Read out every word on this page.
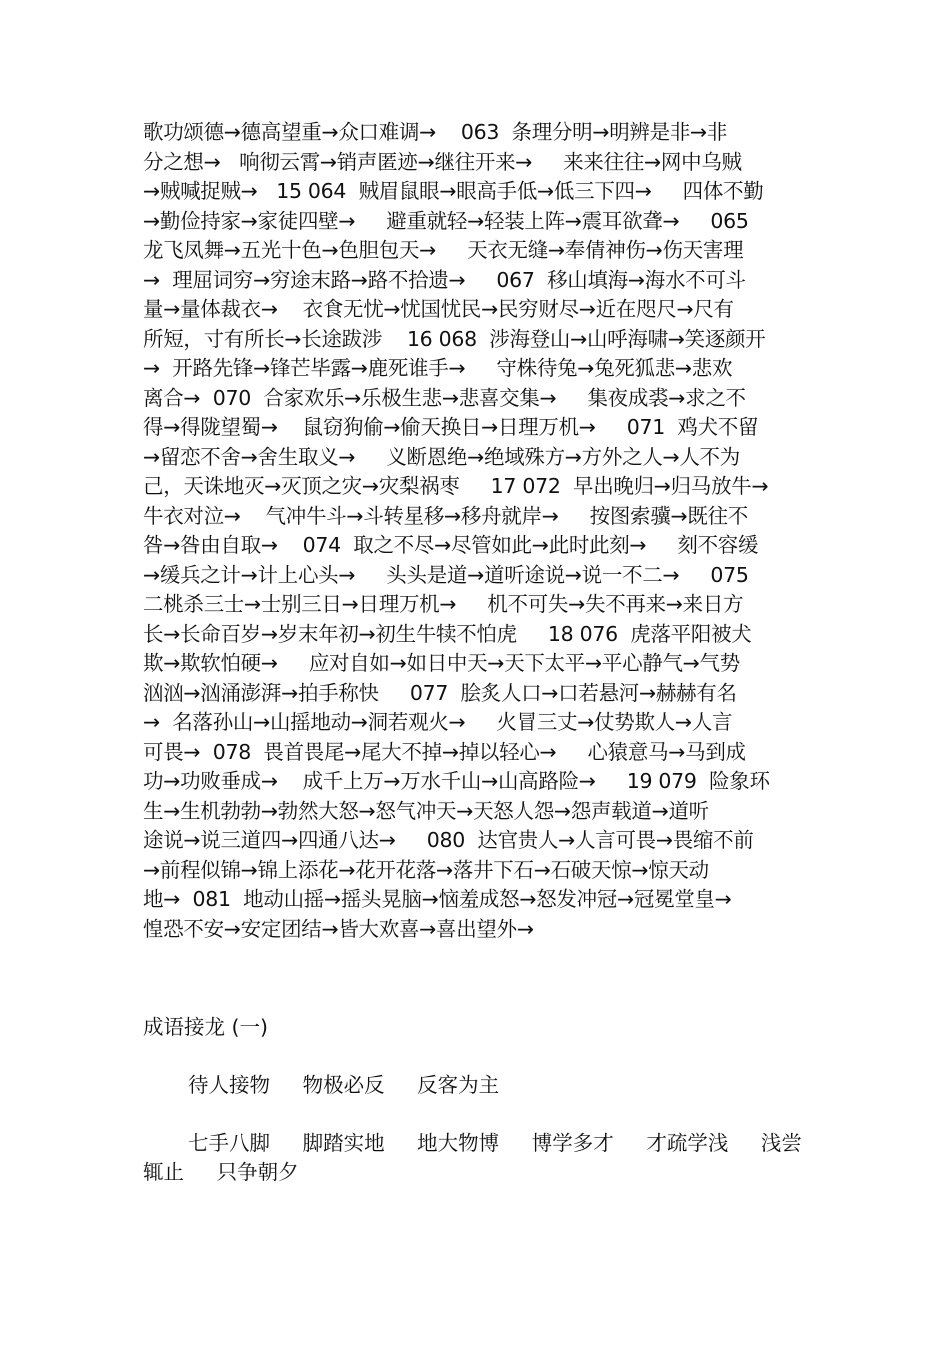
歌功颂德→德高望重→众口难调→    063  条理分明→明辨是非→非
分之想→   响彻云霄→销声匿迹→继往开来→     来来往往→网中乌贼
→贼喊捉贼→   15 064  贼眉鼠眼→眼高手低→低三下四→     四体不勤
→勤俭持家→家徒四壁→     避重就轻→轻装上阵→震耳欲聋→     065
龙飞凤舞→五光十色→色胆包天→     天衣无缝→奉倩神伤→伤天害理
→  理屈词穷→穷途末路→路不拾遗→     067  移山填海→海水不可斗
量→量体裁衣→    衣食无忧→忧国忧民→民穷财尽→近在咫尺→尺有
所短，寸有所长→长途跋涉    16 068  涉海登山→山呼海啸→笑逐颜开
→  开路先锋→锋芒毕露→鹿死谁手→     守株待兔→兔死狐悲→悲欢
离合→  070  合家欢乐→乐极生悲→悲喜交集→     集夜成裘→求之不
得→得陇望蜀→    鼠窃狗偷→偷天换日→日理万机→     071  鸡犬不留
→留恋不舍→舍生取义→     义断恩绝→绝域殊方→方外之人→人不为
己，天诛地灭→灭顶之灾→灾梨祸枣     17 072  早出晚归→归马放牛→
牛衣对泣→    气冲牛斗→斗转星移→移舟就岸→     按图索骥→既往不
咎→咎由自取→    074  取之不尽→尽管如此→此时此刻→     刻不容缓
→缓兵之计→计上心头→     头头是道→道听途说→说一不二→     075
二桃杀三士→士别三日→日理万机→     机不可失→失不再来→来日方
长→长命百岁→岁末年初→初生牛犊不怕虎     18 076  虎落平阳被犬
欺→欺软怕硬→     应对自如→如日中天→天下太平→平心静气→气势
汹汹→汹涌澎湃→拍手称快     077  脍炙人口→口若悬河→赫赫有名
→  名落孙山→山摇地动→洞若观火→     火冒三丈→仗势欺人→人言
可畏→  078  畏首畏尾→尾大不掉→掉以轻心→     心猿意马→马到成
功→功败垂成→    成千上万→万水千山→山高路险→     19 079  险象环
生→生机勃勃→勃然大怒→怒气冲天→天怒人怨→怨声载道→道听
途说→说三道四→四通八达→     080  达官贵人→人言可畏→畏缩不前
→前程似锦→锦上添花→花开花落→落井下石→石破天惊→惊天动
地→  081  地动山摇→摇头晃脑→恼羞成怒→怒发冲冠→冠冕堂皇→
惶恐不安→安定团结→皆大欢喜→喜出望外→
成语接龙 (一)
待人接物     物极必反     反客为主
七手八脚     脚踏实地     地大物博     博学多才     才疏学浅     浅尝
辄止     只争朝夕
